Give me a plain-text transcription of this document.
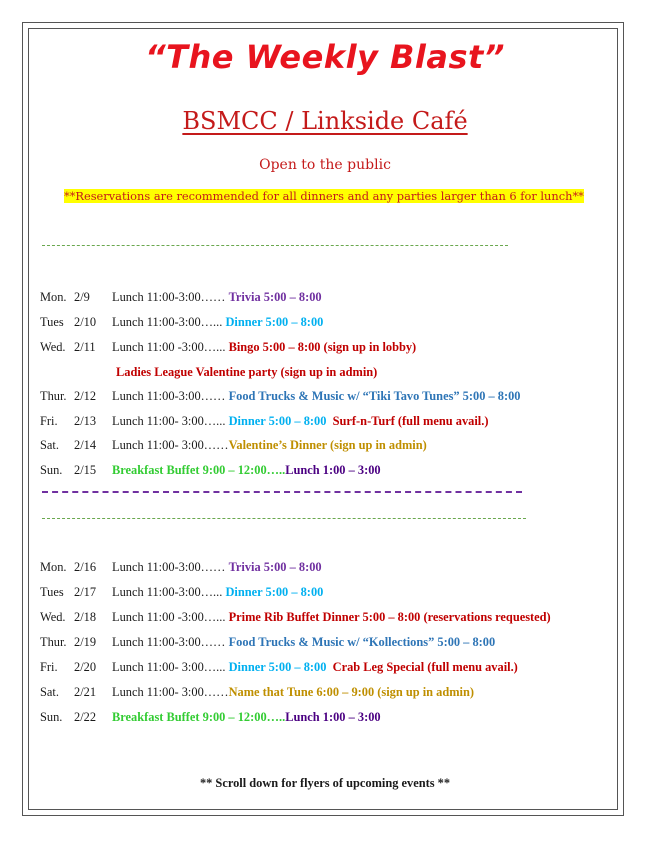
“The Weekly Blast”
BSMCC / Linkside Café
Open to the public
**Reservations are recommended for all dinners and any parties larger than 6 for lunch**
Mon. 2/9 Lunch 11:00-3:00…… Trivia 5:00 – 8:00
Tues 2/10 Lunch 11:00-3:00…... Dinner 5:00 – 8:00
Wed. 2/11 Lunch 11:00 -3:00…... Bingo 5:00 – 8:00 (sign up in lobby)
Ladies League Valentine party (sign up in admin)
Thur. 2/12 Lunch 11:00-3:00…… Food Trucks & Music w/ “Tiki Tavo Tunes” 5:00 – 8:00
Fri. 2/13 Lunch 11:00- 3:00…... Dinner 5:00 – 8:00 Surf-n-Turf (full menu avail.)
Sat. 2/14 Lunch 11:00- 3:00……Valentine’s Dinner (sign up in admin)
Sun. 2/15 Breakfast Buffet 9:00 – 12:00…..Lunch 1:00 – 3:00
Mon. 2/16 Lunch 11:00-3:00…… Trivia 5:00 – 8:00
Tues 2/17 Lunch 11:00-3:00…... Dinner 5:00 – 8:00
Wed. 2/18 Lunch 11:00 -3:00…... Prime Rib Buffet Dinner 5:00 – 8:00 (reservations requested)
Thur. 2/19 Lunch 11:00-3:00…… Food Trucks & Music w/ “Kollections” 5:00 – 8:00
Fri. 2/20 Lunch 11:00- 3:00…... Dinner 5:00 – 8:00 Crab Leg Special (full menu avail.)
Sat. 2/21 Lunch 11:00- 3:00……Name that Tune 6:00 – 9:00 (sign up in admin)
Sun. 2/22 Breakfast Buffet 9:00 – 12:00…..Lunch 1:00 – 3:00
** Scroll down for flyers of upcoming events **
